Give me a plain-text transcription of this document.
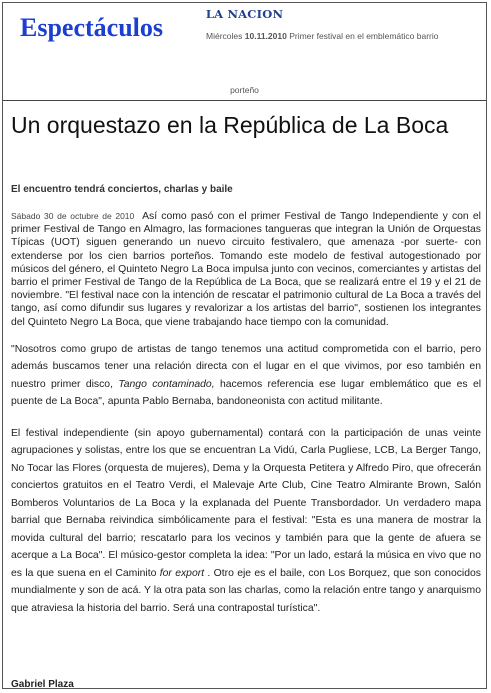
LA NACION
Espectáculos	Miércoles 10.11.2010 Primer festival en el emblemático barrio
porteño
Un orquestazo en la República de La Boca
El encuentro tendrá conciertos, charlas y baile

Sábado 30 de octubre de 2010 Así como pasó con el primer Festival de Tango Independiente y con el primer Festival de Tango en Almagro, las formaciones tangueras que integran la Unión de Orquestas Típicas (UOT) siguen generando un nuevo circuito festivalero, que amenaza -por suerte- con extenderse por los cien barrios porteños. Tomando este modelo de festival autogestionado por músicos del género, el Quinteto Negro La Boca impulsa junto con vecinos, comerciantes y artistas del barrio el primer Festival de Tango de la República de La Boca, que se realizará entre el 19 y el 21 de noviembre. "El festival nace con la intención de rescatar el patrimonio cultural de La Boca a través del tango, así como difundir sus lugares y revalorizar a los artistas del barrio", sostienen los integrantes del Quinteto Negro La Boca, que viene trabajando hace tiempo con la comunidad.

"Nosotros como grupo de artistas de tango tenemos una actitud comprometida con el barrio, pero además buscamos tener una relación directa con el lugar en el que vivimos, por eso también en nuestro primer disco, Tango contaminado, hacemos referencia ese lugar emblemático que es el puente de La Boca", apunta Pablo Bernaba, bandoneonista con actitud militante.

El festival independiente (sin apoyo gubernamental) contará con la participación de unas veinte agrupaciones y solistas, entre los que se encuentran La Vidú, Carla Pugliese, LCB, La Berger Tango, No Tocar las Flores (orquesta de mujeres), Dema y la Orquesta Petitera y Alfredo Piro, que ofrecerán conciertos gratuitos en el Teatro Verdi, el Malevaje Arte Club, Cine Teatro Almirante Brown, Salón Bomberos Voluntarios de La Boca y la explanada del Puente Transbordador. Un verdadero mapa barrial que Bernaba reivindica simbólicamente para el festival: "Esta es una manera de mostrar la movida cultural del barrio; rescatarlo para los vecinos y también para que la gente de afuera se acerque a La Boca". El músico-gestor completa la idea: "Por un lado, estará la música en vivo que no es la que suena en el Caminito for export . Otro eje es el baile, con Los Borquez, que son conocidos mundialmente y son de acá. Y la otra pata son las charlas, como la relación entre tango y anarquismo que atraviesa la historia del barrio. Será una contrapostal turística".

Gabriel Plaza
